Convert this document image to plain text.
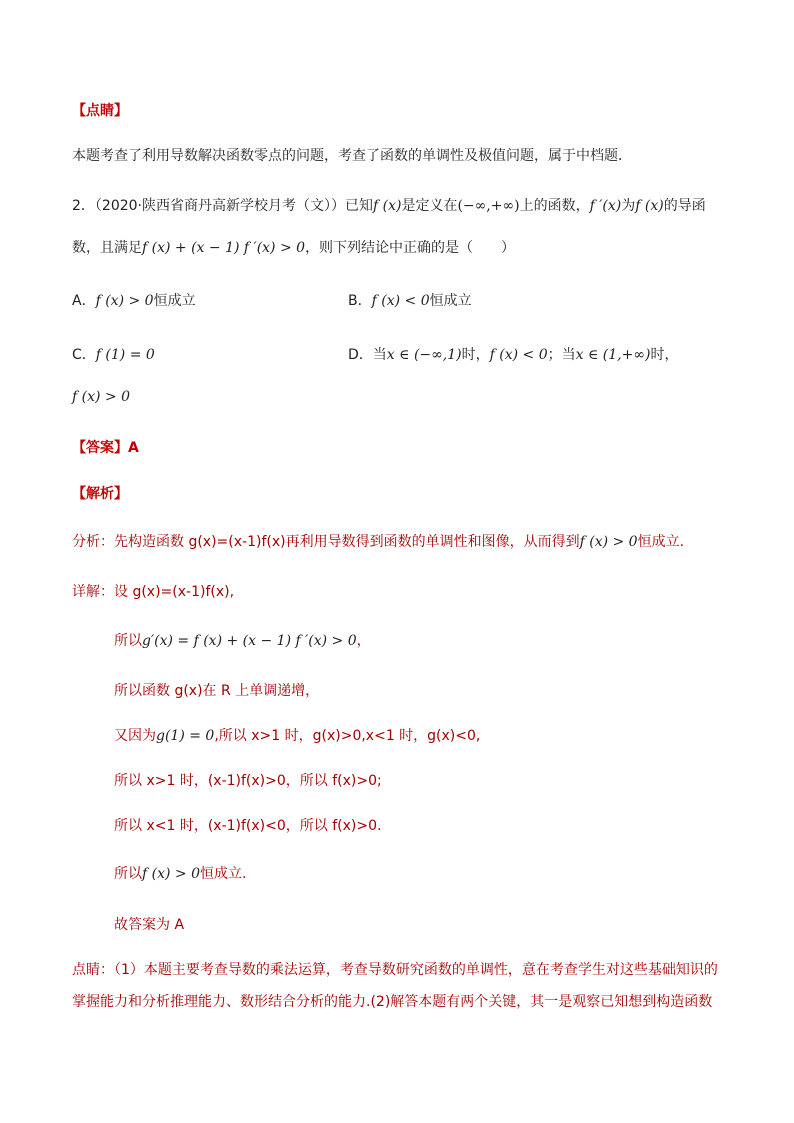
【点睛】
本题考查了利用导数解决函数零点的问题，考查了函数的单调性及极值问题，属于中档题．
2．（2020·陕西省商丹高新学校月考（文））已知f (x)是定义在(−∞,+∞)上的函数，f ′(x)为f (x)的导函
数，且满足f (x) + (x − 1) f ′(x) > 0，则下列结论中正确的是（　　）
A．f (x) > 0恒成立	B．f (x) < 0恒成立
C．f (1) = 0	D．当x ∈ (−∞,1)时，f (x) < 0；当x ∈ (1,+∞)时，
f (x) > 0
【答案】A
【解析】
分析：先构造函数 g(x)=(x-1)f(x)再利用导数得到函数的单调性和图像，从而得到f (x) > 0恒成立.
详解：设 g(x)=(x-1)f(x),
所以g′(x) = f (x) + (x − 1) f ′(x) > 0，
所以函数 g(x)在 R 上单调递增，
又因为g(1) = 0,所以 x>1 时，g(x)>0,x<1 时，g(x)<0,
所以 x>1 时，(x-1)f(x)>0，所以 f(x)>0;
所以 x<1 时，(x-1)f(x)<0，所以 f(x)>0.
所以f (x) > 0恒成立.
故答案为 A
点睛：（1）本题主要考查导数的乘法运算，考查导数研究函数的单调性，意在考查学生对这些基础知识的
掌握能力和分析推理能力、数形结合分析的能力.(2)解答本题有两个关键，其一是观察已知想到构造函数
